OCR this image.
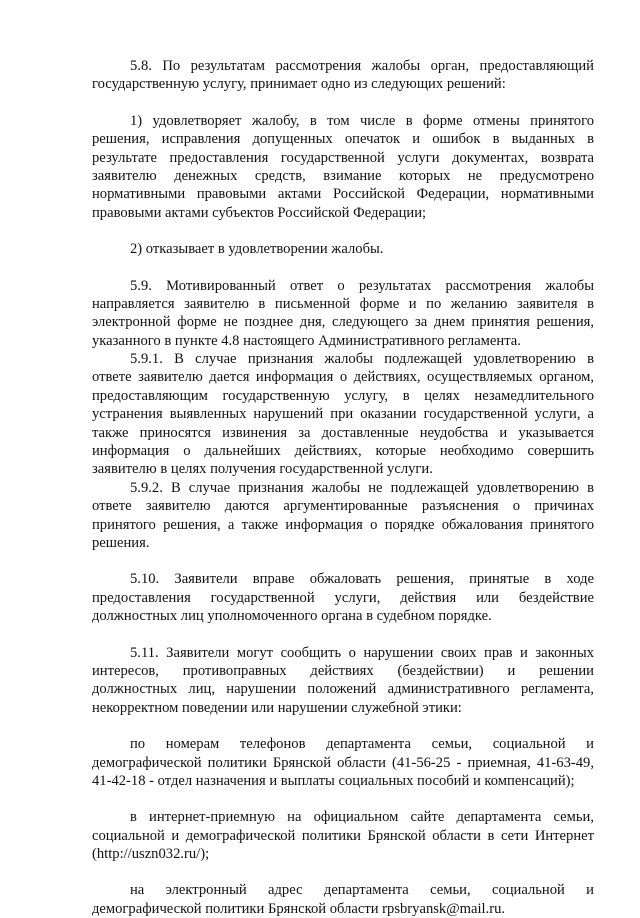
5.8. По результатам рассмотрения жалобы орган, предоставляющий
государственную услугу, принимает одно из следующих решений:
1) удовлетворяет жалобу, в том числе в форме отмены принятого
решения, исправления допущенных опечаток и ошибок в выданных в
результате предоставления государственной услуги документах, возврата
заявителю денежных средств, взимание которых не предусмотрено
нормативными правовыми актами Российской Федерации, нормативными
правовыми актами субъектов Российской Федерации;
2) отказывает в удовлетворении жалобы.
5.9. Мотивированный ответ о результатах рассмотрения жалобы
направляется заявителю в письменной форме и по желанию заявителя в
электронной форме не позднее дня, следующего за днем принятия решения,
указанного в пункте 4.8 настоящего Административного регламента.
5.9.1. В случае признания жалобы подлежащей удовлетворению в
ответе заявителю дается информация о действиях, осуществляемых органом,
предоставляющим государственную услугу, в целях незамедлительного
устранения выявленных нарушений при оказании государственной услуги, а
также приносятся извинения за доставленные неудобства и указывается
информация о дальнейших действиях, которые необходимо совершить
заявителю в целях получения государственной услуги.
5.9.2. В случае признания жалобы не подлежащей удовлетворению в
ответе заявителю даются аргументированные разъяснения о причинах
принятого решения, а также информация о порядке обжалования принятого
решения.
5.10. Заявители вправе обжаловать решения, принятые в ходе
предоставления государственной услуги, действия или бездействие
должностных лиц уполномоченного органа в судебном порядке.
5.11. Заявители могут сообщить о нарушении своих прав и законных
интересов, противоправных действиях (бездействии) и решении
должностных лиц, нарушении положений административного регламента,
некорректном поведении или нарушении служебной этики:
по номерам телефонов департамента семьи, социальной и
демографической политики Брянской области (41-56-25 - приемная, 41-63-49,
41-42-18 - отдел назначения и выплаты социальных пособий и компенсаций);
в интернет-приемную на официальном сайте департамента семьи,
социальной и демографической политики Брянской области в сети Интернет
(http://uszn032.ru/);
на электронный адрес департамента семьи, социальной и
демографической политики Брянской области rpsbryansk@mail.ru.
